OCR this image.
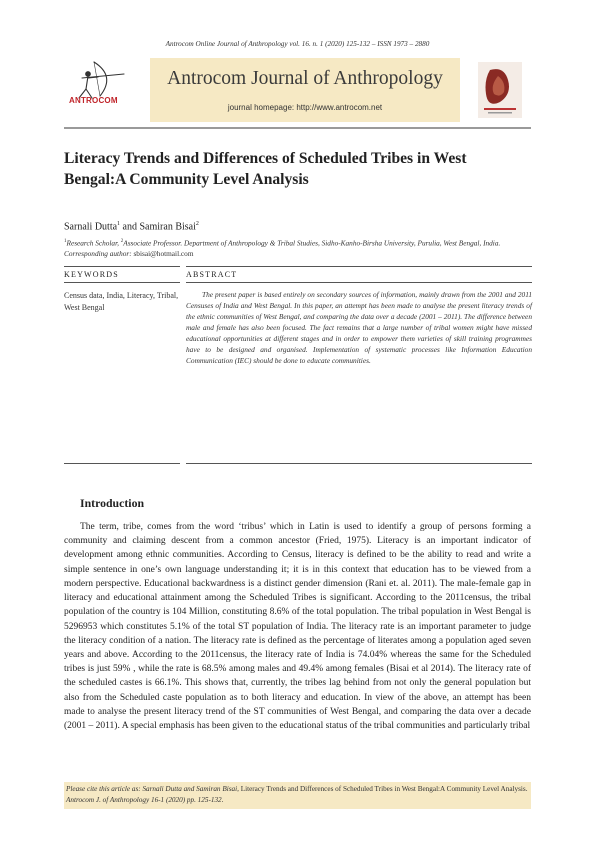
Antrocom Online Journal of Anthropology vol. 16. n. 1 (2020) 125-132 – ISSN 1973 – 2880
ANTROCOM
Antrocom Journal of Anthropology
journal homepage: http://www.antrocom.net
Literacy Trends and Differences of Scheduled Tribes in West
Bengal:A Community Level Analysis
Sarnali Dutta$^1$ and Samiran Bisai$^2$
$^1$Research Scholar, $^2$Associate Professor. Department of Anthropology & Tribal Studies, Sidho-Kanho-Birsha University, Purulia, West Bengal, India. Corresponding author: sbisai@hotmail.com
KEYWORDS	ABSTRACT
Census data, India, Literacy, Tribal, West Bengal
The present paper is based entirely on secondary sources of information, mainly drawn from the 2001 and 2011 Censuses of India and West Bengal. In this paper, an attempt has been made to analyse the present literacy trends of the ethnic communities of West Bengal, and comparing the data over a decade (2001 – 2011). The difference between male and female has also been focused. The fact remains that a large number of tribal women might have missed educational opportunities at different stages and in order to empower them varieties of skill training programmes have to be designed and organised. Implementation of systematic processes like Information Education Communication (IEC) should be done to educate communities.
Introduction
The term, tribe, comes from the word ‘tribus’ which in Latin is used to identify a group of persons forming a community and claiming descent from a common ancestor (Fried, 1975). Literacy is an important indicator of development among ethnic communities. According to Census, literacy is defined to be the ability to read and write a simple sentence in one’s own language understanding it; it is in this context that education has to be viewed from a modern perspective. Educational backwardness is a distinct gender dimension (Rani et. al. 2011). The male-female gap in literacy and educational attainment among the Scheduled Tribes is significant. According to the 2011census, the tribal population of the country is 104 Million, constituting 8.6% of the total population. The tribal population in West Bengal is 5296953 which constitutes 5.1% of the total ST population of India. The literacy rate is an important parameter to judge the literacy condition of a nation. The literacy rate is defined as the percentage of literates among a population aged seven years and above. According to the 2011census, the literacy rate of India is 74.04% whereas the same for the Scheduled tribes is just 59% , while the rate is 68.5% among males and 49.4% among females (Bisai et al 2014). The literacy rate of the scheduled castes is 66.1%. This shows that, currently, the tribes lag behind from not only the general population but also from the Scheduled caste population as to both literacy and education. In view of the above, an attempt has been made to analyse the present literacy trend of the ST communities of West Bengal, and comparing the data over a decade (2001 – 2011). A special emphasis has been given to the educational status of the tribal communities and particularly tribal
Please cite this article as: Sarnali Dutta and Samiran Bisai, Literacy Trends and Differences of Scheduled Tribes in West Bengal:A Community Level Analysis. Antrocom J. of Anthropology 16-1 (2020) pp. 125-132.
